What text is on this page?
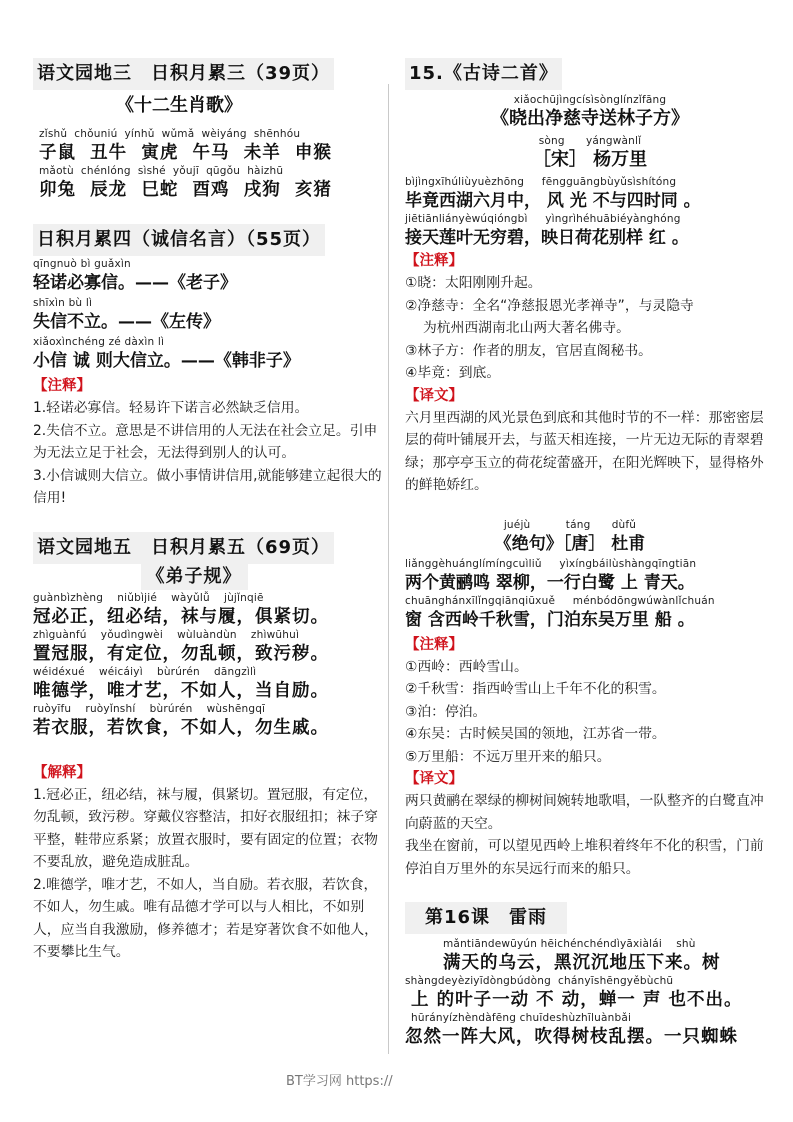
语文园地三　日积月累三（39页）
《十二生肖歌》
zǐshǔ  chǒuniú  yínhǔ  wǔmǎ  wèiyáng  shēnhóu
子鼠  丑牛  寅虎  午马  未羊  申猴
mǎotù  chénlóng  sìshé  yǒujī  qūgǒu  hàizhū
卯兔  辰龙  巳蛇  酉鸡  戌狗  亥猪
日积月累四（诚信名言）（55页）
qīngnuò bì guǎxìn
轻诺必寡信。——《老子》
shīxìn bù lì
失信不立。——《左传》
xiǎoxìnchéng zé dàxìn lì
小信 诚 则大信立。——《韩非子》
【注释】
1.轻诺必寡信。轻易许下诺言必然缺乏信用。
2.失信不立。意思是不讲信用的人无法在社会立足。引申为无法立足于社会，无法得到别人的认可。
3.小信诚则大信立。做小事情讲信用,就能够建立起很大的信用!
语文园地五　日积月累五（69页）
《弟子规》
guànbìzhèng    niǔbìjié    wàyǔlǚ    jùjǐnqiē
冠必正，纽必结，袜与履，俱紧切。
zhìguànfú    yǒudìngwèi    wùluàndùn    zhìwūhuì
置冠服，有定位，勿乱顿，致污秽。
wéidéxué    wéicáiyì    bùrúrén    dāngzìlì
唯德学，唯才艺，不如人，当自励。
ruòyīfu    ruòyǐnshí    bùrúrén    wùshēngqī
若衣服，若饮食，不如人，勿生戚。
【解释】
1.冠必正，纽必结，袜与履，俱紧切。置冠服，有定位，勿乱顿，致污秽。穿戴仪容整洁，扣好衣服纽扣；袜子穿平整，鞋带应系紧；放置衣服时，要有固定的位置；衣物不要乱放，避免造成脏乱。
2.唯德学，唯才艺，不如人，当自励。若衣服，若饮食，不如人，勿生戚。唯有品德才学可以与人相比，不如别人，应当自我激励，修养德才；若是穿著饮食不如他人，不要攀比生气。
15.《古诗二首》
xiǎochūjìngcísìsònglínzǐfāng
《晓出净慈寺送林子方》
sòng      yángwànlǐ
［宋］ 杨万里
bìjìngxīhúliùyuèzhōng     fēngguāngbùyǔsìshítóng
毕竟西湖六月中， 风 光 不与四时同 。
jiētiānliányèwúqióngbì     yìngrìhéhuābiéyànghóng
接天莲叶无穷碧，映日荷花别样 红 。
【注释】
①晓：太阳刚刚升起。
②净慈寺：全名“净慈报恩光孝禅寺”，与灵隐寺
为杭州西湖南北山两大著名佛寺。
③林子方：作者的朋友，官居直阁秘书。
④毕竟：到底。
【译文】
六月里西湖的风光景色到底和其他时节的不一样：那密密层层的荷叶铺展开去，与蓝天相连接，一片无边无际的青翠碧绿；那亭亭玉立的荷花绽蕾盛开，在阳光辉映下，显得格外的鲜艳娇红。
juéjù          táng      dùfǔ
《绝句》［唐］ 杜甫
liǎnggèhuánglímíngcuìliǔ     yìxíngbáilùshàngqīngtiān
两个黄鹂鸣 翠柳，一行白鹭 上 青天。
chuānghánxīlǐngqiānqiūxuě     ménbódōngwúwànlǐchuán
窗 含西岭千秋雪，门泊东吴万里 船 。
【注释】
①西岭：西岭雪山。
②千秋雪：指西岭雪山上千年不化的积雪。
③泊：停泊。
④东吴：古时候吴国的领地，江苏省一带。
⑤万里船：不远万里开来的船只。
【译文】
两只黄鹂在翠绿的柳树间婉转地歌唱，一队整齐的白鹭直冲向蔚蓝的天空。
我坐在窗前，可以望见西岭上堆积着终年不化的积雪，门前停泊自万里外的东吴远行而来的船只。
第16课　雷雨
mǎntiāndewūyún hēichénchéndìyāxiàlái    shù
满天的乌云，黑沉沉地压下来。树
shàngdeyèziyīdòngbúdòng  chányīshēngyěbùchū
上 的叶子一动 不 动，蝉一 声 也不出。
hūrányízhèndàfēng chuīdeshùzhīluànbǎi
忽然一阵大风，吹得树枝乱摆。一只蜘蛛
BT学习网 https://
